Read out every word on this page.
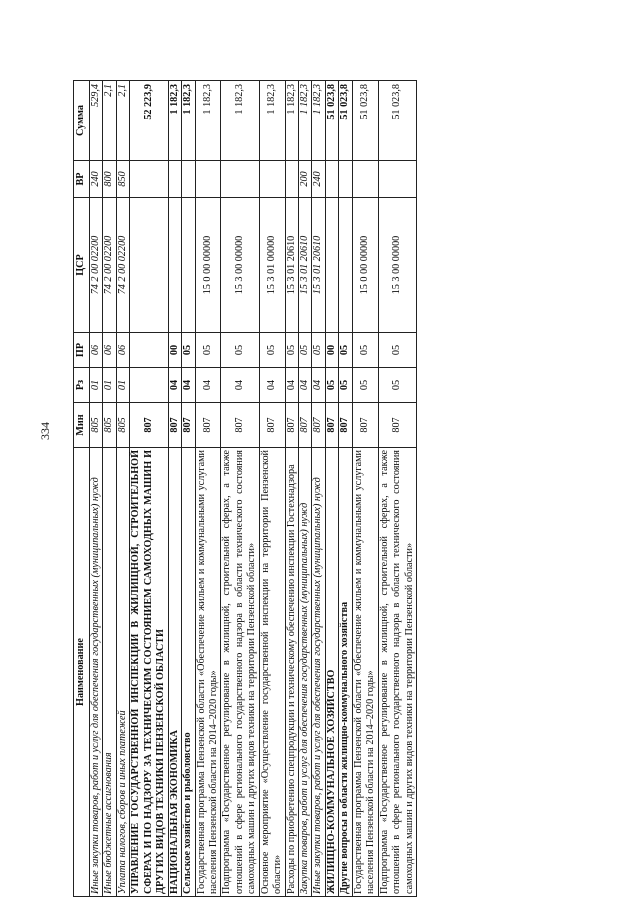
334
Наименование	Мин	Рз	ПР	ЦСР	ВР	Сумма
Иные закупки товаров, работ и услуг для обеспечения государственных (муниципальных) нужд	805	01	06	74 2 00 02200	240	529,4
Иные бюджетные ассигнования	805	01	06	74 2 00 02200	800	2,1
Уплата налогов, сборов и иных платежей	805	01	06	74 2 00 02200	850	2,1
УПРАВЛЕНИЕ ГОСУДАРСТВЕННОЙ ИНСПЕКЦИИ В ЖИЛИЩНОЙ, СТРОИТЕЛЬНОЙ СФЕРАХ И ПО НАДЗОРУ ЗА ТЕХНИЧЕСКИМ СОСТОЯНИЕМ САМОХОДНЫХ МАШИН И ДРУГИХ ВИДОВ ТЕХНИКИ ПЕНЗЕНСКОЙ ОБЛАСТИ	807					52 223,9
НАЦИОНАЛЬНАЯ ЭКОНОМИКА	807	04	00			1 182,3
Сельское хозяйство и рыболовство	807	04	05			1 182,3
Государственная программа Пензенской области «Обеспечение жильем и коммунальными услугами населения Пензенской области на 2014–2020 годы»	807	04	05	15 0 00 00000		1 182,3
Подпрограмма «Государственное регулирование в жилищной, строительной сферах, а также отношений в сфере регионального государственного надзора в области технического состояния самоходных машин и других видов техники на территории Пензенской области»	807	04	05	15 3 00 00000		1 182,3
Основное мероприятие «Осуществление государственной инспекции на территории Пензенской области»	807	04	05	15 3 01 00000		1 182,3
Расходы по приобретению спецпродукции и техническому обеспечению инспекции Гостехнадзора	807	04	05	15 3 01 20610		1 182,3
Закупка товаров, работ и услуг для обеспечения государственных (муниципальных) нужд	807	04	05	15 3 01 20610	200	1 182,3
Иные закупки товаров, работ и услуг для обеспечения государственных (муниципальных) нужд	807	04	05	15 3 01 20610	240	1 182,3
ЖИЛИЩНО-КОММУНАЛЬНОЕ ХОЗЯЙСТВО	807	05	00			51 023,8
Другие вопросы в области жилищно-коммунального хозяйства	807	05	05			51 023,8
Государственная программа Пензенской области «Обеспечение жильем и коммунальными услугами населения Пензенской области на 2014–2020 годы»	807	05	05	15 0 00 00000		51 023,8
Подпрограмма «Государственное регулирование в жилищной, строительной сферах, а также отношений в сфере регионального государственного надзора в области технического состояния самоходных машин и других видов техники на территории Пензенской области»	807	05	05	15 3 00 00000		51 023,8
